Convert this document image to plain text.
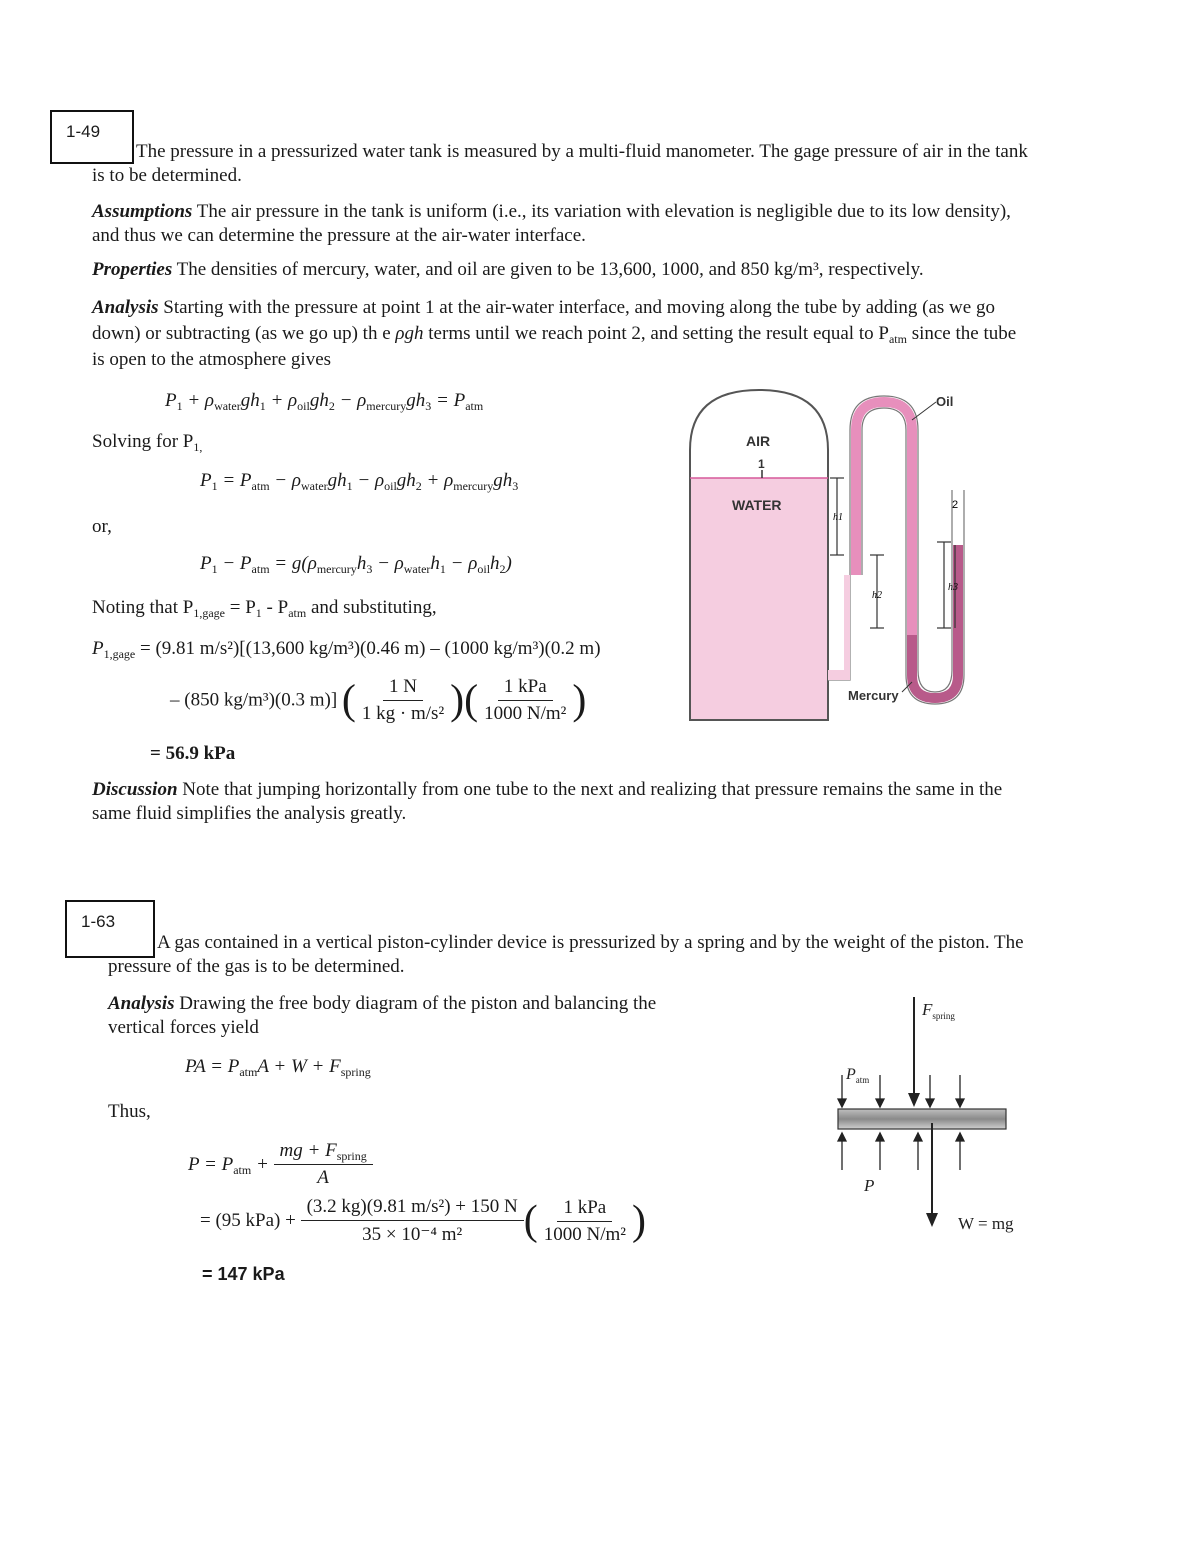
1-49
The pressure in a pressurized water tank is measured by a multi-fluid manometer. The gage pressure of air in the tank
is to be determined.
Assumptions The air pressure in the tank is uniform (i.e., its variation with elevation is negligible due to its low density),
and thus we can determine the pressure at the air-water interface.
Properties The densities of mercury, water, and oil are given to be 13,600, 1000, and 850 kg/m³, respectively.
Analysis Starting with the pressure at point 1 at the air-water interface, and moving along the tube by adding (as we go
down) or subtracting (as we go up) th e ρgh terms until we reach point 2, and setting the result equal to $P_{atm}$ since the tube
is open to the atmosphere gives
$P_1 + \rho_{water}gh_1 + \rho_{oil}gh_2 - \rho_{mercury}gh_3 = P_{atm}$
Solving for $P_{1,}$
$P_1 = P_{atm} - \rho_{water}gh_1 - \rho_{oil}gh_2 + \rho_{mercury}gh_3$
or,
$P_1 - P_{atm} = g(\rho_{mercury}h_3 - \rho_{water}h_1 - \rho_{oil}h_2)$
Noting that $P_{1,gage} = P_1 - P_{atm}$ and substituting,
$P_{1,gage} = (9.81$ m/s²)[(13,600 kg/m³)(0.46 m) – (1000 kg/m³)(0.2 m)
– (850 kg/m³)(0.3 m)] ( $\frac{1 N}{\text{1 kg · m/s²}}$ )( $\frac{\text{1 kPa}}{\text{1000 N/m²}}$ )
= 56.9 kPa
Discussion Note that jumping horizontally from one tube to the next and realizing that pressure remains the same in the
same fluid simplifies the analysis greatly.
AIR
WATER
1
h1
h2
h3
2
Oil
Mercury
1-63
A gas contained in a vertical piston-cylinder device is pressurized by a spring and by the weight of the piston. The
pressure of the gas is to be determined.
Analysis Drawing the free body diagram of the piston and balancing the
vertical forces yield
PA = $P_{atm}A + W + F_{spring}$
Thus,
$P = P_{atm} + \frac{mg + F_{spring}}{A}$
= (95 $kPa) + \frac{\text{(3.2 kg)(9.81 m/s²) + 150 N}}{\text{35 × 10⁻⁴ m²}}$ ( $\frac{\text{1 kPa}}{\text{1000 N/m²}}$ )
= 147 kPa
$F_{spring}$
$P_{atm}$
P
W = mg
